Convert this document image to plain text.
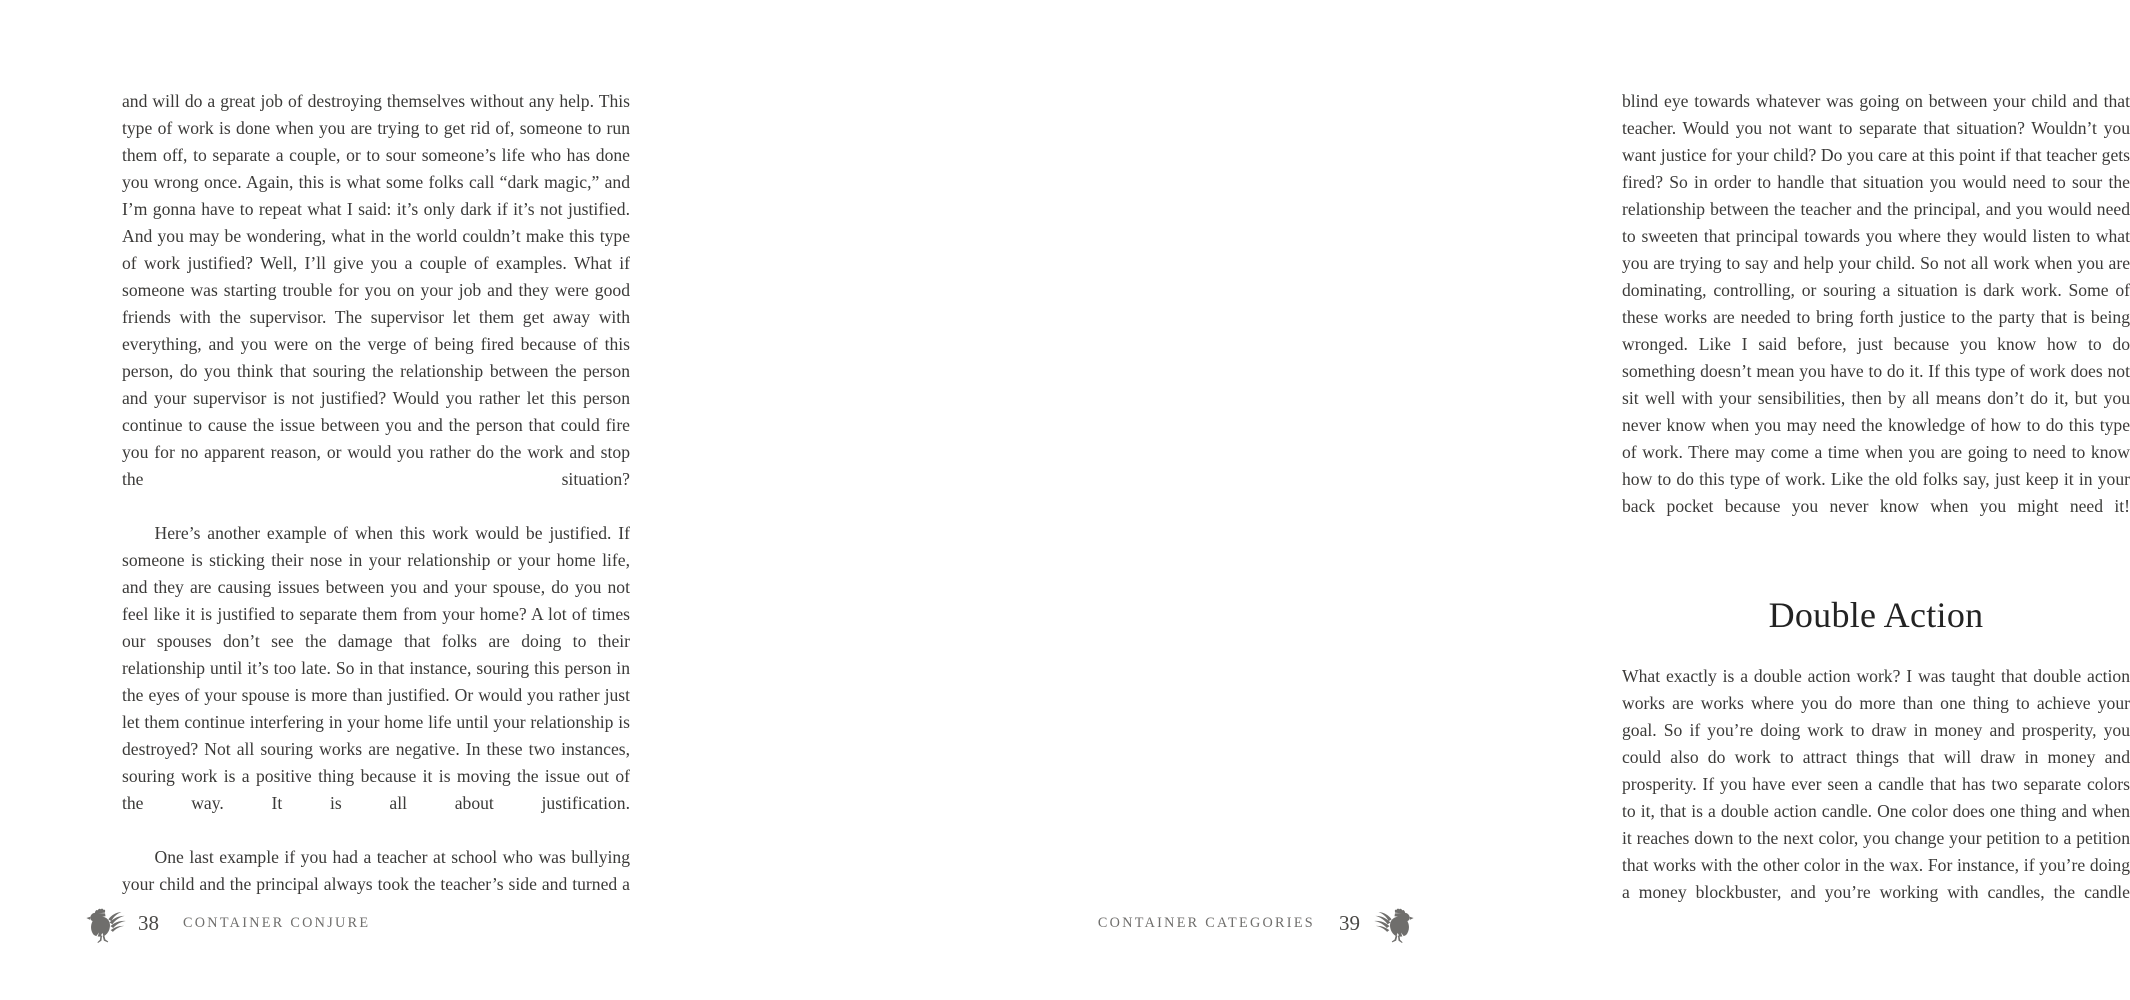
and will do a great job of destroying themselves without any help. This type of work is done when you are trying to get rid of, someone to run them off, to separate a couple, or to sour someone’s life who has done you wrong once. Again, this is what some folks call “dark magic,” and I’m gonna have to repeat what I said: it’s only dark if it’s not justified. And you may be wondering, what in the world couldn’t make this type of work justified? Well, I’ll give you a couple of examples. What if someone was starting trouble for you on your job and they were good friends with the supervisor. The supervisor let them get away with everything, and you were on the verge of being fired because of this person, do you think that souring the relationship between the person and your supervisor is not justified? Would you rather let this person continue to cause the issue between you and the person that could fire you for no apparent reason, or would you rather do the work and stop the situation?

Here’s another example of when this work would be justified. If someone is sticking their nose in your relationship or your home life, and they are causing issues between you and your spouse, do you not feel like it is justified to separate them from your home? A lot of times our spouses don’t see the damage that folks are doing to their relationship until it’s too late. So in that instance, souring this person in the eyes of your spouse is more than justified. Or would you rather just let them continue interfering in your home life until your relationship is destroyed? Not all souring works are negative. In these two instances, souring work is a positive thing because it is moving the issue out of the way. It is all about justification.

One last example if you had a teacher at school who was bullying your child and the principal always took the teacher’s side and turned a

38 CONTAINER CONJURE

blind eye towards whatever was going on between your child and that teacher. Would you not want to separate that situation? Wouldn’t you want justice for your child? Do you care at this point if that teacher gets fired? So in order to handle that situation you would need to sour the relationship between the teacher and the principal, and you would need to sweeten that principal towards you where they would listen to what you are trying to say and help your child. So not all work when you are dominating, controlling, or souring a situation is dark work. Some of these works are needed to bring forth justice to the party that is being wronged. Like I said before, just because you know how to do something doesn’t mean you have to do it. If this type of work does not sit well with your sensibilities, then by all means don’t do it, but you never know when you may need the knowledge of how to do this type of work. There may come a time when you are going to need to know how to do this type of work. Like the old folks say, just keep it in your back pocket because you never know when you might need it!

Double Action

What exactly is a double action work? I was taught that double action works are works where you do more than one thing to achieve your goal. So if you’re doing work to draw in money and prosperity, you could also do work to attract things that will draw in money and prosperity. If you have ever seen a candle that has two separate colors to it, that is a double action candle. One color does one thing and when it reaches down to the next color, you change your petition to a petition that works with the other color in the wax. For instance, if you’re doing a money blockbuster, and you’re working with candles, the candle

CONTAINER CATEGORIES 39
